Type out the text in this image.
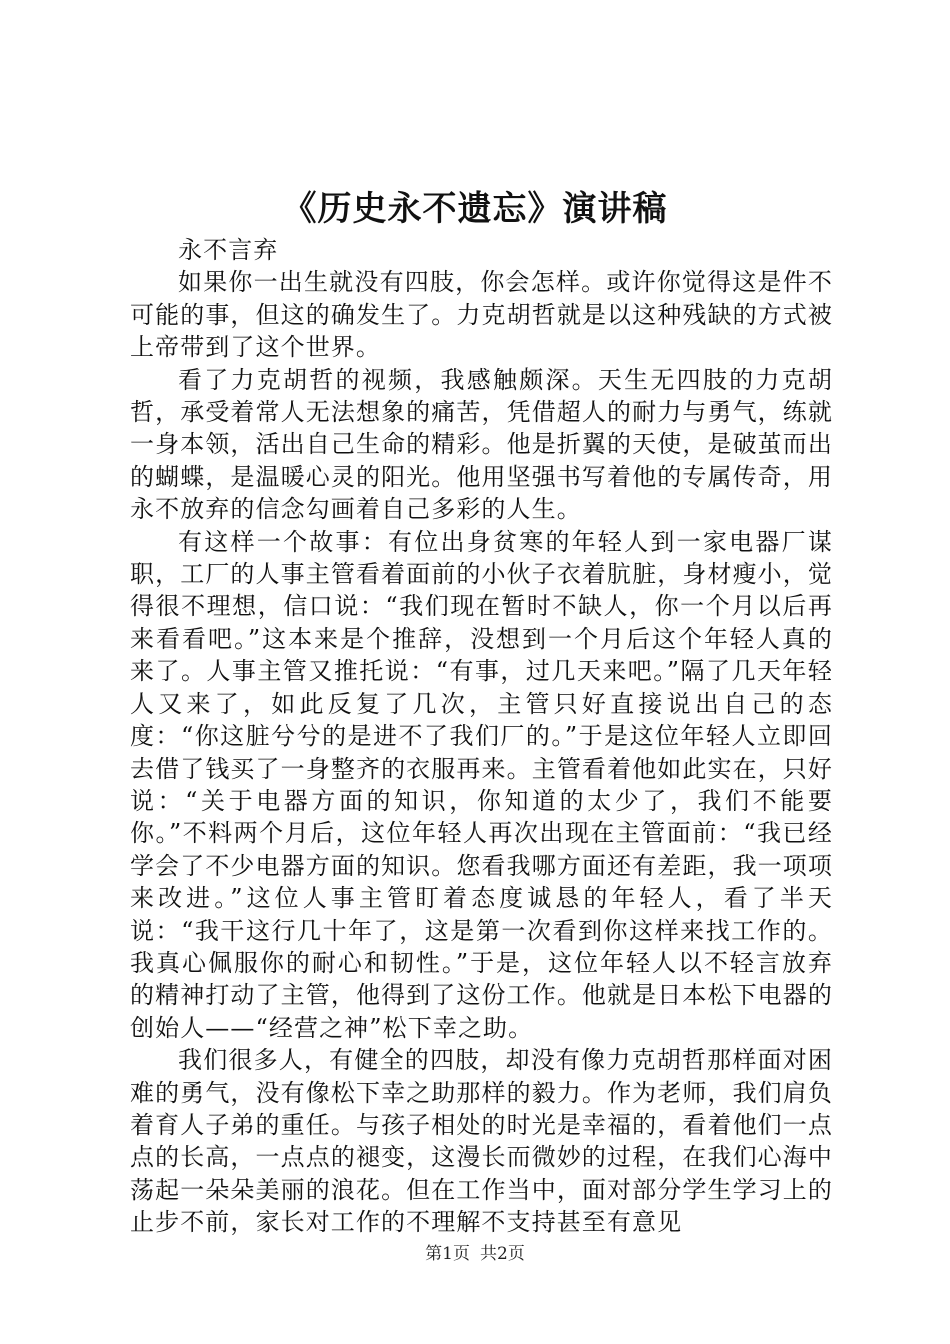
《历史永不遗忘》演讲稿

永不言弃

如果你一出生就没有四肢，你会怎样。或许你觉得这是件不可能的事，但这的确发生了。力克胡哲就是以这种残缺的方式被上帝带到了这个世界。

看了力克胡哲的视频，我感触颇深。天生无四肢的力克胡哲，承受着常人无法想象的痛苦，凭借超人的耐力与勇气，练就一身本领，活出自己生命的精彩。他是折翼的天使，是破茧而出的蝴蝶，是温暖心灵的阳光。他用坚强书写着他的专属传奇，用永不放弃的信念勾画着自己多彩的人生。

有这样一个故事：有位出身贫寒的年轻人到一家电器厂谋职，工厂的人事主管看着面前的小伙子衣着肮脏，身材瘦小，觉得很不理想，信口说：“我们现在暂时不缺人，你一个月以后再来看看吧。”这本来是个推辞，没想到一个月后这个年轻人真的来了。人事主管又推托说：“有事，过几天来吧。”隔了几天年轻人又来了，如此反复了几次，主管只好直接说出自己的态度：“你这脏兮兮的是进不了我们厂的。”于是这位年轻人立即回去借了钱买了一身整齐的衣服再来。主管看着他如此实在，只好说：“关于电器方面的知识，你知道的太少了，我们不能要你。”不料两个月后，这位年轻人再次出现在主管面前：“我已经学会了不少电器方面的知识。您看我哪方面还有差距，我一项项来改进。”这位人事主管盯着态度诚恳的年轻人，看了半天说：“我干这行几十年了，这是第一次看到你这样来找工作的。我真心佩服你的耐心和韧性。”于是，这位年轻人以不轻言放弃的精神打动了主管，他得到了这份工作。他就是日本松下电器的创始人——“经营之神”松下幸之助。

我们很多人，有健全的四肢，却没有像力克胡哲那样面对困难的勇气，没有像松下幸之助那样的毅力。作为老师，我们肩负着育人子弟的重任。与孩子相处的时光是幸福的，看着他们一点点的长高，一点点的褪变，这漫长而微妙的过程，在我们心海中荡起一朵朵美丽的浪花。但在工作当中，面对部分学生学习上的止步不前，家长对工作的不理解不支持甚至有意见

第1页 共2页
